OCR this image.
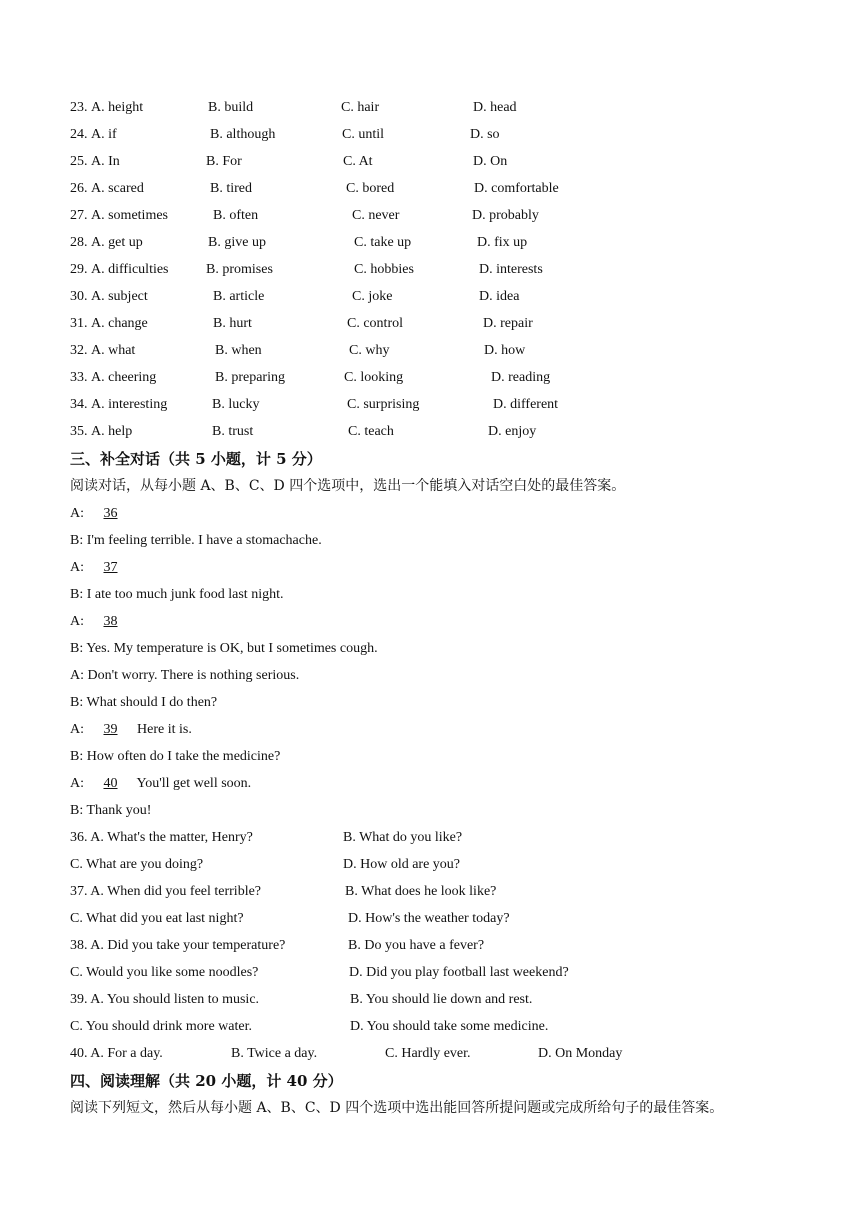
23. A. height	B. build	C. hair	D. head
24. A. if	B. although	C. until	D. so
25. A. In	B. For	C. At	D. On
26. A. scared	B. tired	C. bored	D. comfortable
27. A. sometimes	B. often	C. never	D. probably
28. A. get up	B. give up	C. take up	D. fix up
29. A. difficulties	B. promises	C. hobbies	D. interests
30. A. subject	B. article	C. joke	D. idea
31. A. change	B. hurt	C. control	D. repair
32. A. what	B. when	C. why	D. how
33. A. cheering	B. preparing	C. looking	D. reading
34. A. interesting	B. lucky	C. surprising	D. different
35. A. help	B. trust	C. teach	D. enjoy
三、补全对话（共 5 小题，计 5 分）
阅读对话，从每小题 A、B、C、D 四个选项中，选出一个能填入对话空白处的最佳答案。
A: 36
B: I'm feeling terrible. I have a stomachache.
A: 37
B: I ate too much junk food last night.
A: 38
B: Yes. My temperature is OK, but I sometimes cough.
A: Don't worry. There is nothing serious.
B: What should I do then?
A: 39 Here it is.
B: How often do I take the medicine?
A: 40 You'll get well soon.
B: Thank you!
36. A. What's the matter, Henry?	B. What do you like?
C. What are you doing?	D. How old are you?
37. A. When did you feel terrible?	B. What does he look like?
C. What did you eat last night?	D. How's the weather today?
38. A. Did you take your temperature?	B. Do you have a fever?
C. Would you like some noodles?	D. Did you play football last weekend?
39. A. You should listen to music.	B. You should lie down and rest.
C. You should drink more water.	D. You should take some medicine.
40. A. For a day.	B. Twice a day.	C. Hardly ever.	D. On Monday
四、阅读理解（共 20 小题，计 40 分）
阅读下列短文，然后从每小题 A、B、C、D 四个选项中选出能回答所提问题或完成所给句子的最佳答案。
